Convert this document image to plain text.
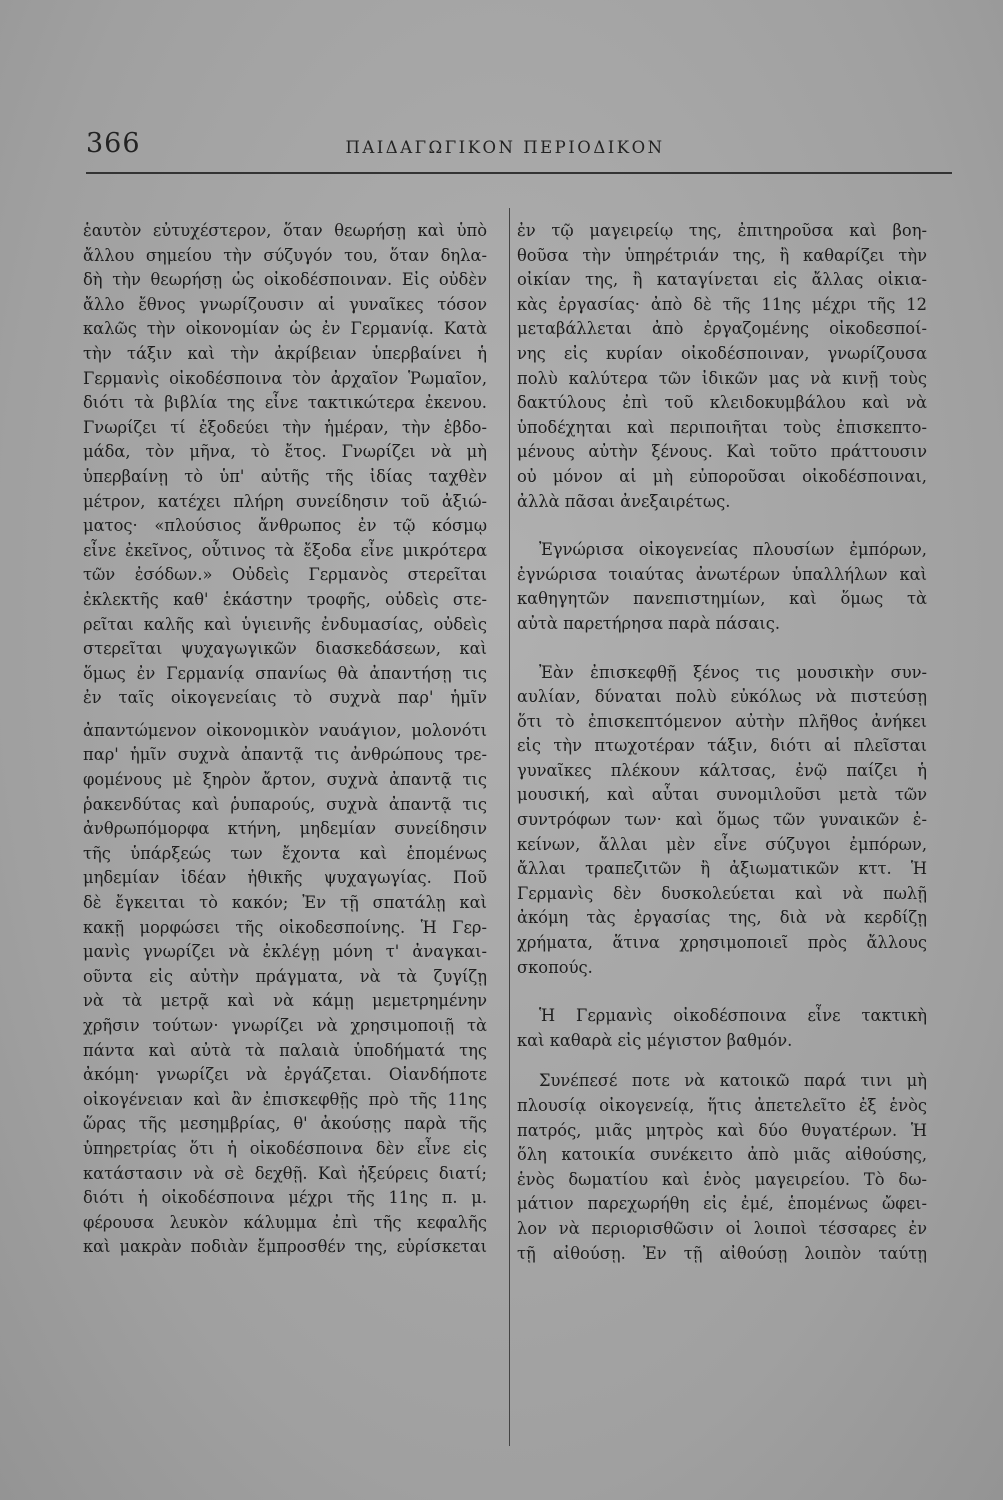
366	ΠΑΙΔΑΓΩΓΙΚΟΝ ΠΕΡΙΟΔΙΚΟΝ
ἑαυτὸν εὐτυχέστερον, ὅταν θεωρήσῃ καὶ ὑπὸ
ἄλλου σημείου τὴν σύζυγόν του, ὅταν δηλα-
δὴ τὴν θεωρήσῃ ὡς οἰκοδέσποιναν. Εἰς οὐδὲν
ἄλλο ἔθνος γνωρίζουσιν αἱ γυναῖκες τόσον
καλῶς τὴν οἰκονομίαν ὡς ἐν Γερμανίᾳ. Κατὰ
τὴν τάξιν καὶ τὴν ἀκρίβειαν ὑπερβαίνει ἡ
Γερμανὶς οἰκοδέσποινα τὸν ἀρχαῖον Ῥωμαῖον,
διότι τὰ βιβλία της εἶνε τακτικώτερα ἐκενου.
Γνωρίζει τί ἐξοδεύει τὴν ἡμέραν, τὴν ἑβδο-
μάδα, τὸν μῆνα, τὸ ἔτος. Γνωρίζει νὰ μὴ
ὑπερβαίνῃ τὸ ὑπ' αὐτῆς τῆς ἰδίας ταχθὲν
μέτρον, κατέχει πλήρη συνείδησιν τοῦ ἀξιώ-
ματος· «πλούσιος ἄνθρωπος ἐν τῷ κόσμῳ
εἶνε ἐκεῖνος, οὗτινος τὰ ἔξοδα εἶνε μικρότερα
τῶν ἐσόδων.» Οὐδεὶς Γερμανὸς στερεῖται
ἐκλεκτῆς καθ' ἑκάστην τροφῆς, οὐδεὶς στε-
ρεῖται καλῆς καὶ ὑγιεινῆς ἐνδυμασίας, οὐδεὶς
στερεῖται ψυχαγωγικῶν διασκεδάσεων, καὶ
ὅμως ἐν Γερμανίᾳ σπανίως θὰ ἀπαντήσῃ τις
ἐν ταῖς οἰκογενείαις τὸ συχνὰ παρ' ἡμῖν
ἀπαντώμενον οἰκονομικὸν ναυάγιον, μολονότι
παρ' ἡμῖν συχνὰ ἀπαντᾷ τις ἀνθρώπους τρε-
φομένους μὲ ξηρὸν ἄρτον, συχνὰ ἀπαντᾷ τις
ῥακενδύτας καὶ ῥυπαρούς, συχνὰ ἀπαντᾷ τις
ἀνθρωπόμορφα κτήνη, μηδεμίαν συνείδησιν
τῆς ὑπάρξεώς των ἔχοντα καὶ ἑπομένως
μηδεμίαν ἰδέαν ἠθικῆς ψυχαγωγίας. Ποῦ
δὲ ἔγκειται τὸ κακόν; Ἐν τῇ σπατάλῃ καὶ
κακῇ μορφώσει τῆς οἰκοδεσποίνης. Ἡ Γερ-
μανὶς γνωρίζει νὰ ἐκλέγῃ μόνη τ' ἀναγκαι-
οῦντα εἰς αὐτὴν πράγματα, νὰ τὰ ζυγίζῃ
νὰ τὰ μετρᾷ καὶ νὰ κάμῃ μεμετρημένην
χρῆσιν τούτων· γνωρίζει νὰ χρησιμοποιῇ τὰ
πάντα καὶ αὐτὰ τὰ παλαιὰ ὑποδήματά της
ἀκόμη· γνωρίζει νὰ ἐργάζεται. Οἱανδήποτε
οἰκογένειαν καὶ ἂν ἐπισκεφθῇς πρὸ τῆς 11ης
ὥρας τῆς μεσημβρίας, θ' ἀκούσῃς παρὰ τῆς
ὑπηρετρίας ὅτι ἡ οἰκοδέσποινα δὲν εἶνε εἰς
κατάστασιν νὰ σὲ δεχθῇ. Καὶ ἠξεύρεις διατί;
διότι ἡ οἰκοδέσποινα μέχρι τῆς 11ης π. μ.
φέρουσα λευκὸν κάλυμμα ἐπὶ τῆς κεφαλῆς
καὶ μακρὰν ποδιὰν ἔμπροσθέν της, εὑρίσκεται
ἐν τῷ μαγειρείῳ της, ἐπιτηροῦσα καὶ βοη-
θοῦσα τὴν ὑπηρέτριάν της, ἢ καθαρίζει τὴν
οἰκίαν της, ἢ καταγίνεται εἰς ἄλλας οἰκια-
κὰς ἐργασίας· ἀπὸ δὲ τῆς 11ης μέχρι τῆς 12
μεταβάλλεται ἀπὸ ἐργαζομένης οἰκοδεσποί-
νης εἰς κυρίαν οἰκοδέσποιναν, γνωρίζουσα
πολὺ καλύτερα τῶν ἰδικῶν μας νὰ κινῇ τοὺς
δακτύλους ἐπὶ τοῦ κλειδοκυμβάλου καὶ νὰ
ὑποδέχηται καὶ περιποιῆται τοὺς ἐπισκεπτο-
μένους αὐτὴν ξένους. Καὶ τοῦτο πράττουσιν
οὐ μόνον αἱ μὴ εὐποροῦσαι οἰκοδέσποιναι,
ἀλλὰ πᾶσαι ἀνεξαιρέτως.
Ἐγνώρισα οἰκογενείας πλουσίων ἐμπόρων,
ἐγνώρισα τοιαύτας ἀνωτέρων ὑπαλλήλων καὶ
καθηγητῶν πανεπιστημίων, καὶ ὅμως τὰ
αὐτὰ παρετήρησα παρὰ πάσαις.
Ἐὰν ἐπισκεφθῇ ξένος τις μουσικὴν συν-
αυλίαν, δύναται πολὺ εὐκόλως νὰ πιστεύσῃ
ὅτι τὸ ἐπισκεπτόμενον αὐτὴν πλῆθος ἀνήκει
εἰς τὴν πτωχοτέραν τάξιν, διότι αἱ πλεῖσται
γυναῖκες πλέκουν κάλτσας, ἐνῷ παίζει ἡ
μουσική, καὶ αὗται συνομιλοῦσι μετὰ τῶν
συντρόφων των· καὶ ὅμως τῶν γυναικῶν ἐ-
κείνων, ἄλλαι μὲν εἶνε σύζυγοι ἐμπόρων,
ἄλλαι τραπεζιτῶν ἢ ἀξιωματικῶν κττ. Ἡ
Γερμανὶς δὲν δυσκολεύεται καὶ νὰ πωλῇ
ἀκόμη τὰς ἐργασίας της, διὰ νὰ κερδίζῃ
χρήματα, ἅτινα χρησιμοποιεῖ πρὸς ἄλλους
σκοπούς.
Ἡ Γερμανὶς οἰκοδέσποινα εἶνε τακτικὴ
καὶ καθαρὰ εἰς μέγιστον βαθμόν.
Συνέπεσέ ποτε νὰ κατοικῶ παρά τινι μὴ
πλουσίᾳ οἰκογενείᾳ, ἥτις ἀπετελεῖτο ἐξ ἑνὸς
πατρός, μιᾶς μητρὸς καὶ δύο θυγατέρων. Ἡ
ὅλη κατοικία συνέκειτο ἀπὸ μιᾶς αἰθούσης,
ἑνὸς δωματίου καὶ ἑνὸς μαγειρείου. Τὸ δω-
μάτιον παρεχωρήθη εἰς ἐμέ, ἑπομένως ὤφει-
λον νὰ περιορισθῶσιν οἱ λοιποὶ τέσσαρες ἐν
τῇ αἰθούσῃ. Ἐν τῇ αἰθούσῃ λοιπὸν ταύτῃ
